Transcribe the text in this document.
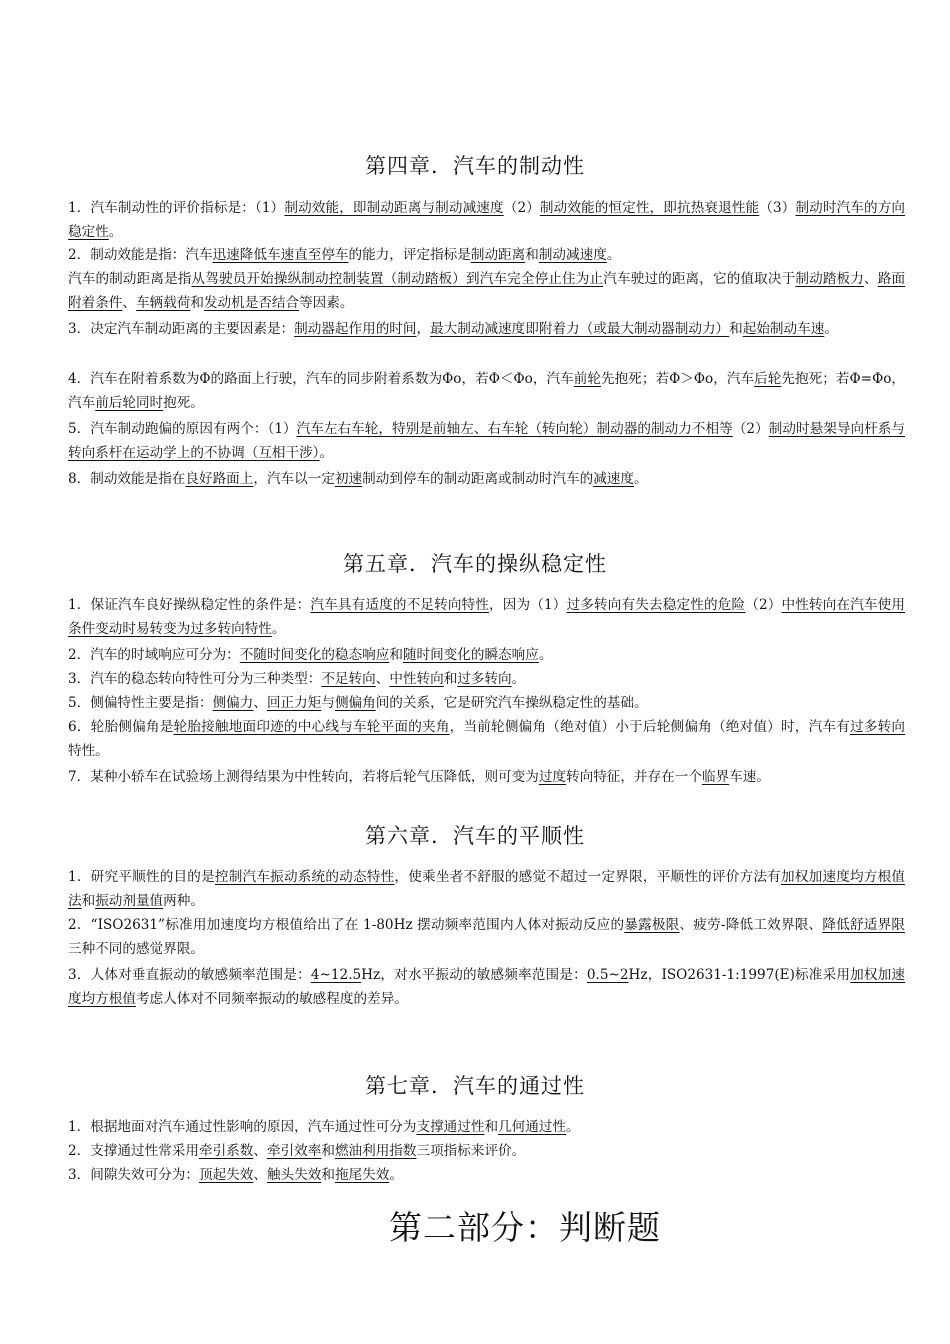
第四章．汽车的制动性

1．汽车制动性的评价指标是：（1）制动效能，即制动距离与制动减速度（2）制动效能的恒定性，即抗热衰退性能（3）制动时汽车的方向稳定性。

2．制动效能是指：汽车迅速降低车速直至停车的能力，评定指标是制动距离和制动减速度。

汽车的制动距离是指从驾驶员开始操纵制动控制装置（制动踏板）到汽车完全停止住为止汽车驶过的距离，它的值取决于制动踏板力、路面附着条件、车辆载荷和发动机是否结合等因素。

3．决定汽车制动距离的主要因素是：制动器起作用的时间，最大制动减速度即附着力（或最大制动器制动力）和起始制动车速。

4．汽车在附着系数为Φ的路面上行驶，汽车的同步附着系数为Φo，若Φ＜Φo，汽车前轮先抱死；若Φ＞Φo，汽车后轮先抱死；若Φ=Φo，汽车前后轮同时抱死。

5．汽车制动跑偏的原因有两个：（1）汽车左右车轮，特别是前轴左、右车轮（转向轮）制动器的制动力不相等（2）制动时悬架导向杆系与转向系杆在运动学上的不协调（互相干涉）。

8．制动效能是指在良好路面上，汽车以一定初速制动到停车的制动距离或制动时汽车的减速度。

第五章．汽车的操纵稳定性

1．保证汽车良好操纵稳定性的条件是：汽车具有适度的不足转向特性，因为（1）过多转向有失去稳定性的危险（2）中性转向在汽车使用条件变动时易转变为过多转向特性。

2．汽车的时域响应可分为：不随时间变化的稳态响应和随时间变化的瞬态响应。

3．汽车的稳态转向特性可分为三种类型：不足转向、中性转向和过多转向。

5．侧偏特性主要是指：侧偏力、回正力矩与侧偏角间的关系，它是研究汽车操纵稳定性的基础。

6．轮胎侧偏角是轮胎接触地面印迹的中心线与车轮平面的夹角，当前轮侧偏角（绝对值）小于后轮侧偏角（绝对值）时，汽车有过多转向特性。

7．某种小轿车在试验场上测得结果为中性转向，若将后轮气压降低，则可变为过度转向特征，并存在一个临界车速。

第六章．汽车的平顺性

1．研究平顺性的目的是控制汽车振动系统的动态特性，使乘坐者不舒服的感觉不超过一定界限，平顺性的评价方法有加权加速度均方根值法和振动剂量值两种。

2．“ISO2631”标准用加速度均方根值给出了在 1-80Hz 摆动频率范围内人体对振动反应的暴露极限、疲劳-降低工效界限、降低舒适界限三种不同的感觉界限。

3．人体对垂直振动的敏感频率范围是：4~12.5Hz，对水平振动的敏感频率范围是：0.5~2Hz，ISO2631-1:1997(E)标准采用加权加速度均方根值考虑人体对不同频率振动的敏感程度的差异。

第七章．汽车的通过性

1．根据地面对汽车通过性影响的原因，汽车通过性可分为支撑通过性和几何通过性。

2．支撑通过性常采用牵引系数、牵引效率和燃油利用指数三项指标来评价。

3．间隙失效可分为：顶起失效、触头失效和拖尾失效。

第二部分：判断题
